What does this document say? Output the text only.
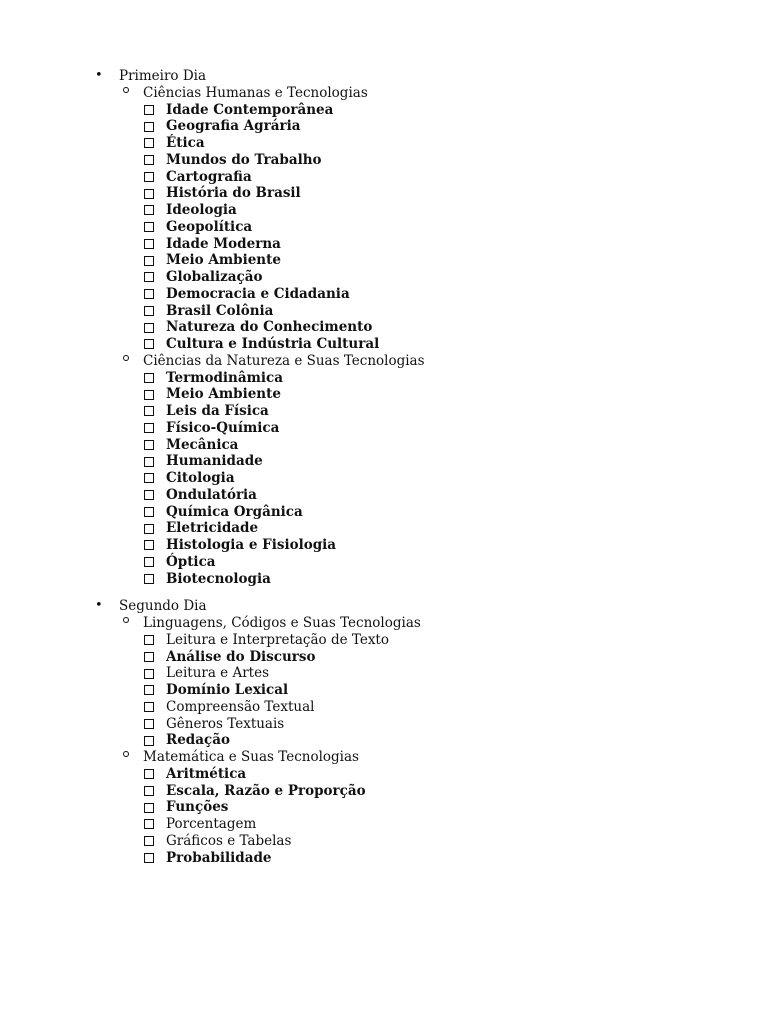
•	Primeiro Dia
Ciências Humanas e Tecnologias
Idade Contemporânea
Geografia Agrária
Ética
Mundos do Trabalho
Cartografia
História do Brasil
Ideologia
Geopolítica
Idade Moderna
Meio Ambiente
Globalização
Democracia e Cidadania
Brasil Colônia
Natureza do Conhecimento
Cultura e Indústria Cultural
Ciências da Natureza e Suas Tecnologias
Termodinâmica
Meio Ambiente
Leis da Física
Físico-Química
Mecânica
Humanidade
Citologia
Ondulatória
Química Orgânica
Eletricidade
Histologia e Fisiologia
Óptica
Biotecnologia
•	Segundo Dia
Linguagens, Códigos e Suas Tecnologias
Leitura e Interpretação de Texto
Análise do Discurso
Leitura e Artes
Domínio Lexical
Compreensão Textual
Gêneros Textuais
Redação
Matemática e Suas Tecnologias
Aritmética
Escala, Razão e Proporção
Funções
Porcentagem
Gráficos e Tabelas
Probabilidade
